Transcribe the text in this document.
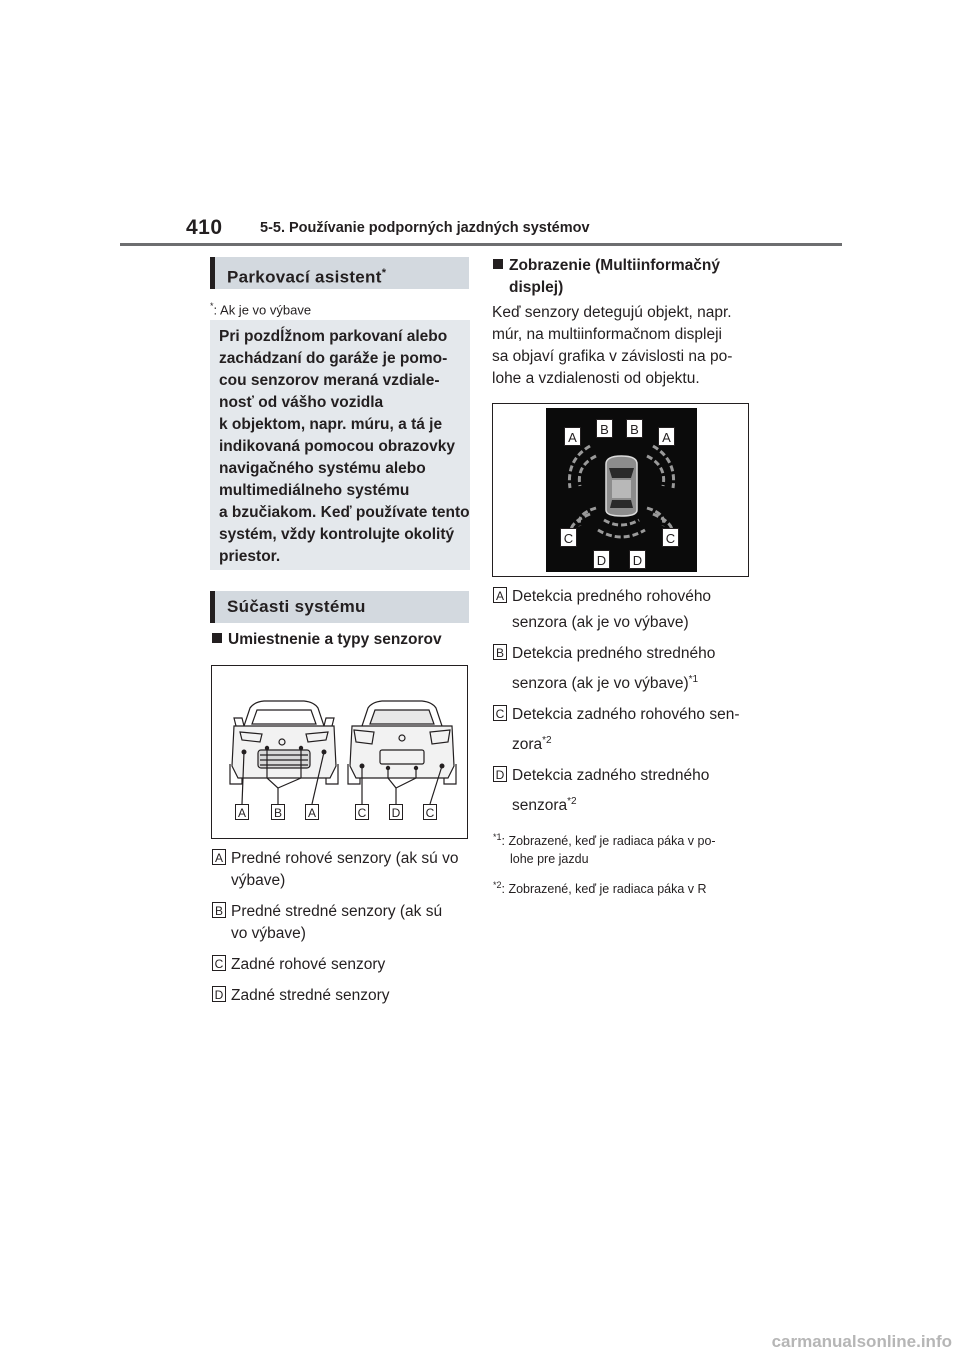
410	5-5. Používanie podporných jazdných systémov
Parkovací asistent*
*: Ak je vo výbave
Pri pozdĺžnom parkovaní alebo
zachádzaní do garáže je pomo-
cou senzorov meraná vzdiale-
nosť od vášho vozidla
k objektom, napr. múru, a tá je
indikovaná pomocou obrazovky
navigačného systému alebo
multimediálneho systému
a bzučiakom. Keď používate tento
systém, vždy kontrolujte okolitý
priestor.
Súčasti systému
Umiestnenie a typy senzorov
A B A	C D C
A Predné rohové senzory (ak sú vo
výbave)
B Predné stredné senzory (ak sú
vo výbave)
C Zadné rohové senzory
D Zadné stredné senzory
Zobrazenie (Multiinformačný
displej)
Keď senzory detegujú objekt, napr.
múr, na multiinformačnom displeji
sa objaví grafika v závislosti na po-
lohe a vzdialenosti od objektu.
A
B	B
A
C	C
D D
A Detekcia predného rohového
senzora (ak je vo výbave)
B Detekcia predného stredného
senzora (ak je vo výbave)$^{*1}$
C Detekcia zadného rohového sen-
zora$^{*2}$
D Detekcia zadného stredného
senzora$^{*2}$
$^{*1}$: Zobrazené, keď je radiaca páka v po-
lohe pre jazdu
$^{*2}$: Zobrazené, keď je radiaca páka v R
carmanualsonline.info
